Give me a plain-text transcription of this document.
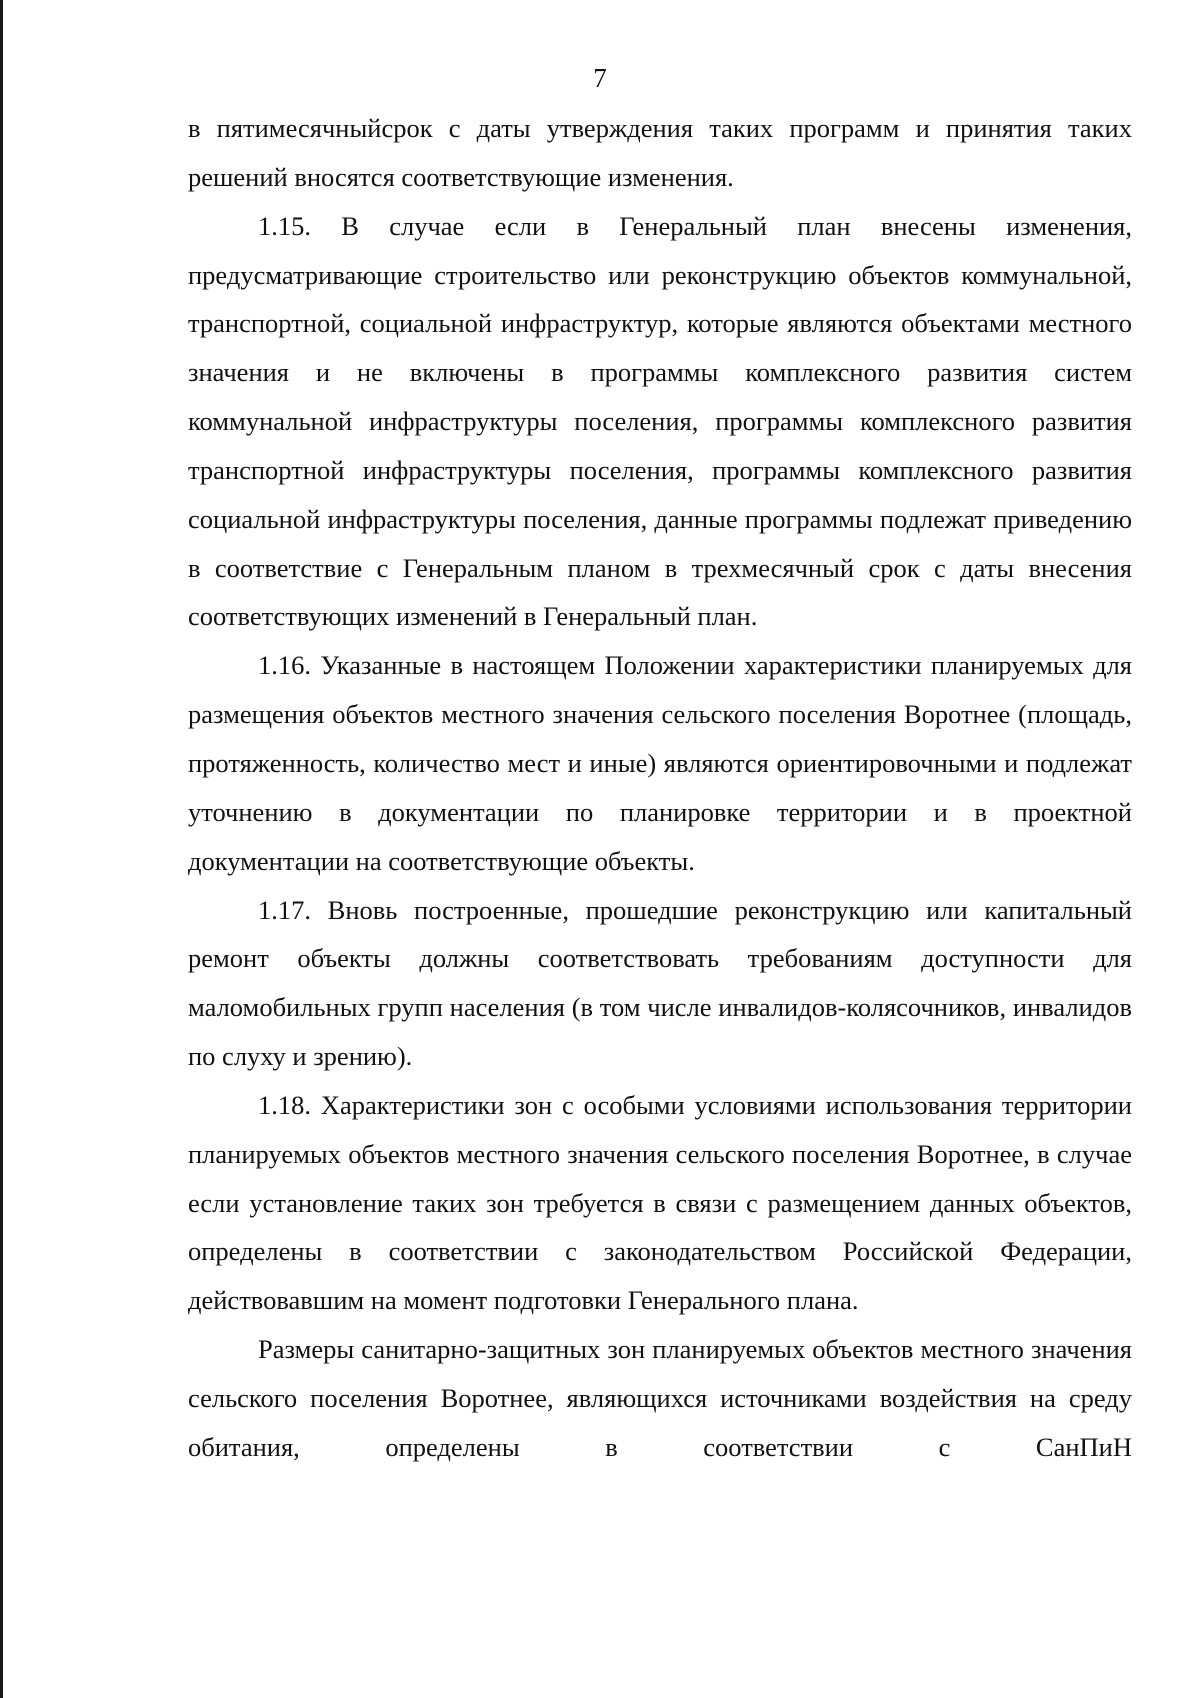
7

в пятимесячныйсрок с даты утверждения таких программ и принятия таких решений вносятся соответствующие изменения.

1.15. В случае если в Генеральный план внесены изменения, предусматривающие строительство или реконструкцию объектов коммунальной, транспортной, социальной инфраструктур, которые являются объектами местного значения и не включены в программы комплексного развития систем коммунальной инфраструктуры поселения, программы комплексного развития транспортной инфраструктуры поселения, программы комплексного развития социальной инфраструктуры поселения, данные программы подлежат приведению в соответствие с Генеральным планом в трехмесячный срок с даты внесения соответствующих изменений в Генеральный план.

1.16. Указанные в настоящем Положении характеристики планируемых для размещения объектов местного значения сельского поселения Воротнее (площадь, протяженность, количество мест и иные) являются ориентировочными и подлежат уточнению в документации по планировке территории и в проектной документации на соответствующие объекты.

1.17. Вновь построенные, прошедшие реконструкцию или капитальный ремонт объекты должны соответствовать требованиям доступности для маломобильных групп населения (в том числе инвалидов-колясочников, инвалидов по слуху и зрению).

1.18. Характеристики зон с особыми условиями использования территории планируемых объектов местного значения сельского поселения Воротнее, в случае если установление таких зон требуется в связи с размещением данных объектов, определены в соответствии с законодательством Российской Федерации, действовавшим на момент подготовки Генерального плана.

Размеры санитарно-защитных зон планируемых объектов местного значения сельского поселения Воротнее, являющихся источниками воздействия на среду обитания, определены в соответствии с СанПиН
